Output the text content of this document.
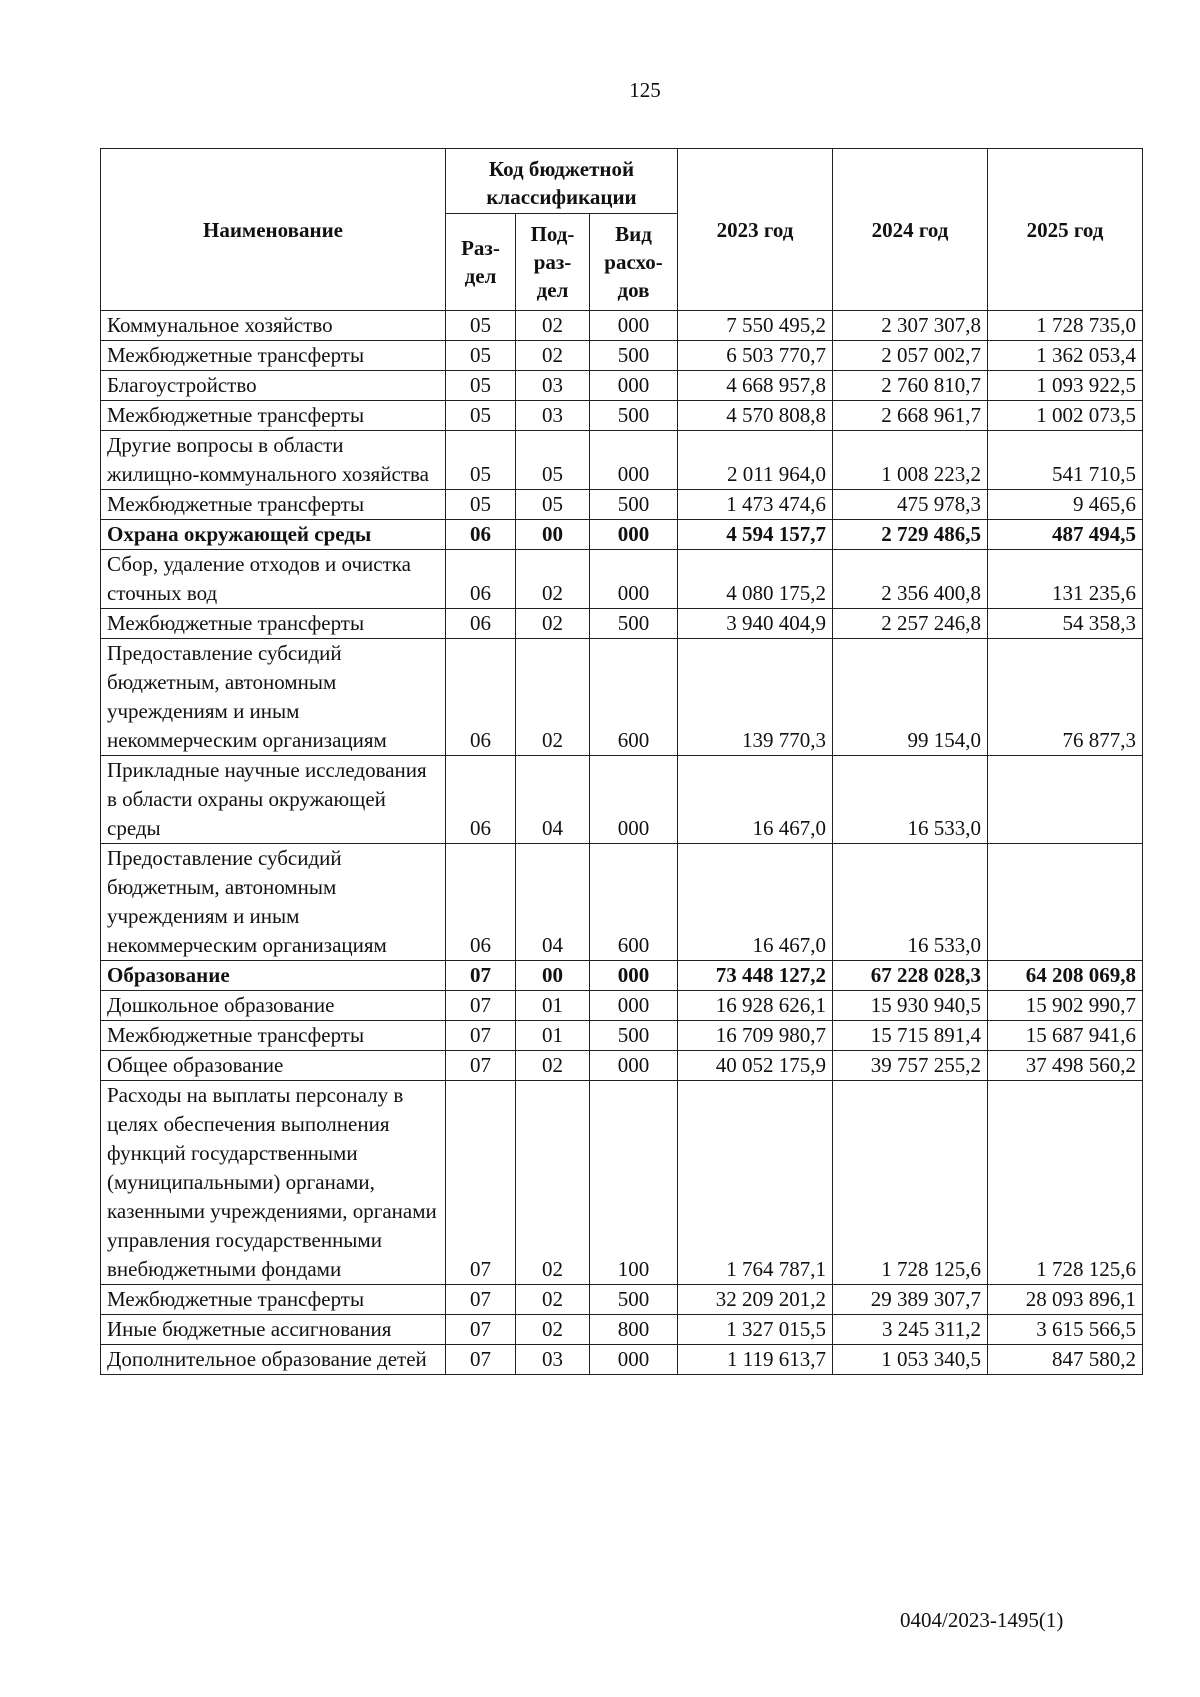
125
Наименование	Код бюджетной классификации			2023 год	2024 год	2025 год
	Раз-дел	Под-раз-дел	Вид расхо-дов			
Коммунальное хозяйство	05	02	000	7 550 495,2	2 307 307,8	1 728 735,0
Межбюджетные трансферты	05	02	500	6 503 770,7	2 057 002,7	1 362 053,4
Благоустройство	05	03	000	4 668 957,8	2 760 810,7	1 093 922,5
Межбюджетные трансферты	05	03	500	4 570 808,8	2 668 961,7	1 002 073,5
Другие вопросы в области жилищно-коммунального хозяйства	05	05	000	2 011 964,0	1 008 223,2	541 710,5
Межбюджетные трансферты	05	05	500	1 473 474,6	475 978,3	9 465,6
Охрана окружающей среды	06	00	000	4 594 157,7	2 729 486,5	487 494,5
Сбор, удаление отходов и очистка сточных вод	06	02	000	4 080 175,2	2 356 400,8	131 235,6
Межбюджетные трансферты	06	02	500	3 940 404,9	2 257 246,8	54 358,3
Предоставление субсидий бюджетным, автономным учреждениям и иным некоммерческим организациям	06	02	600	139 770,3	99 154,0	76 877,3
Прикладные научные исследования в области охраны окружающей среды	06	04	000	16 467,0	16 533,0	
Предоставление субсидий бюджетным, автономным учреждениям и иным некоммерческим организациям	06	04	600	16 467,0	16 533,0	
Образование	07	00	000	73 448 127,2	67 228 028,3	64 208 069,8
Дошкольное образование	07	01	000	16 928 626,1	15 930 940,5	15 902 990,7
Межбюджетные трансферты	07	01	500	16 709 980,7	15 715 891,4	15 687 941,6
Общее образование	07	02	000	40 052 175,9	39 757 255,2	37 498 560,2
Расходы на выплаты персоналу в целях обеспечения выполнения функций государственными (муниципальными) органами, казенными учреждениями, органами управления государственными внебюджетными фондами	07	02	100	1 764 787,1	1 728 125,6	1 728 125,6
Межбюджетные трансферты	07	02	500	32 209 201,2	29 389 307,7	28 093 896,1
Иные бюджетные ассигнования	07	02	800	1 327 015,5	3 245 311,2	3 615 566,5
Дополнительное образование детей	07	03	000	1 119 613,7	1 053 340,5	847 580,2
0404/2023-1495(1)
